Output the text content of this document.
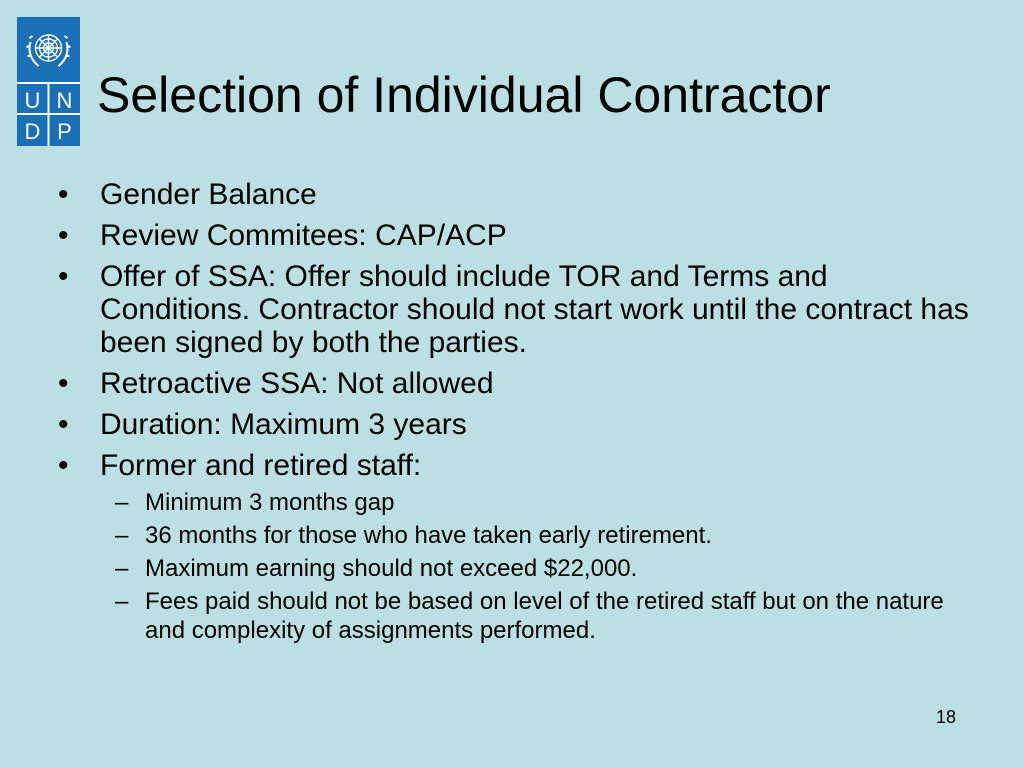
U N
D P
Selection of Individual Contractor
• Gender Balance
• Review Commitees: CAP/ACP
• Offer of SSA: Offer should include TOR and Terms and Conditions. Contractor should not start work until the contract has been signed by both the parties.
• Retroactive SSA: Not allowed
• Duration: Maximum 3 years
• Former and retired staff:
– Minimum 3 months gap
– 36 months for those who have taken early retirement.
– Maximum earning should not exceed $22,000.
– Fees paid should not be based on level of the retired staff but on the nature and complexity of assignments performed.
18
